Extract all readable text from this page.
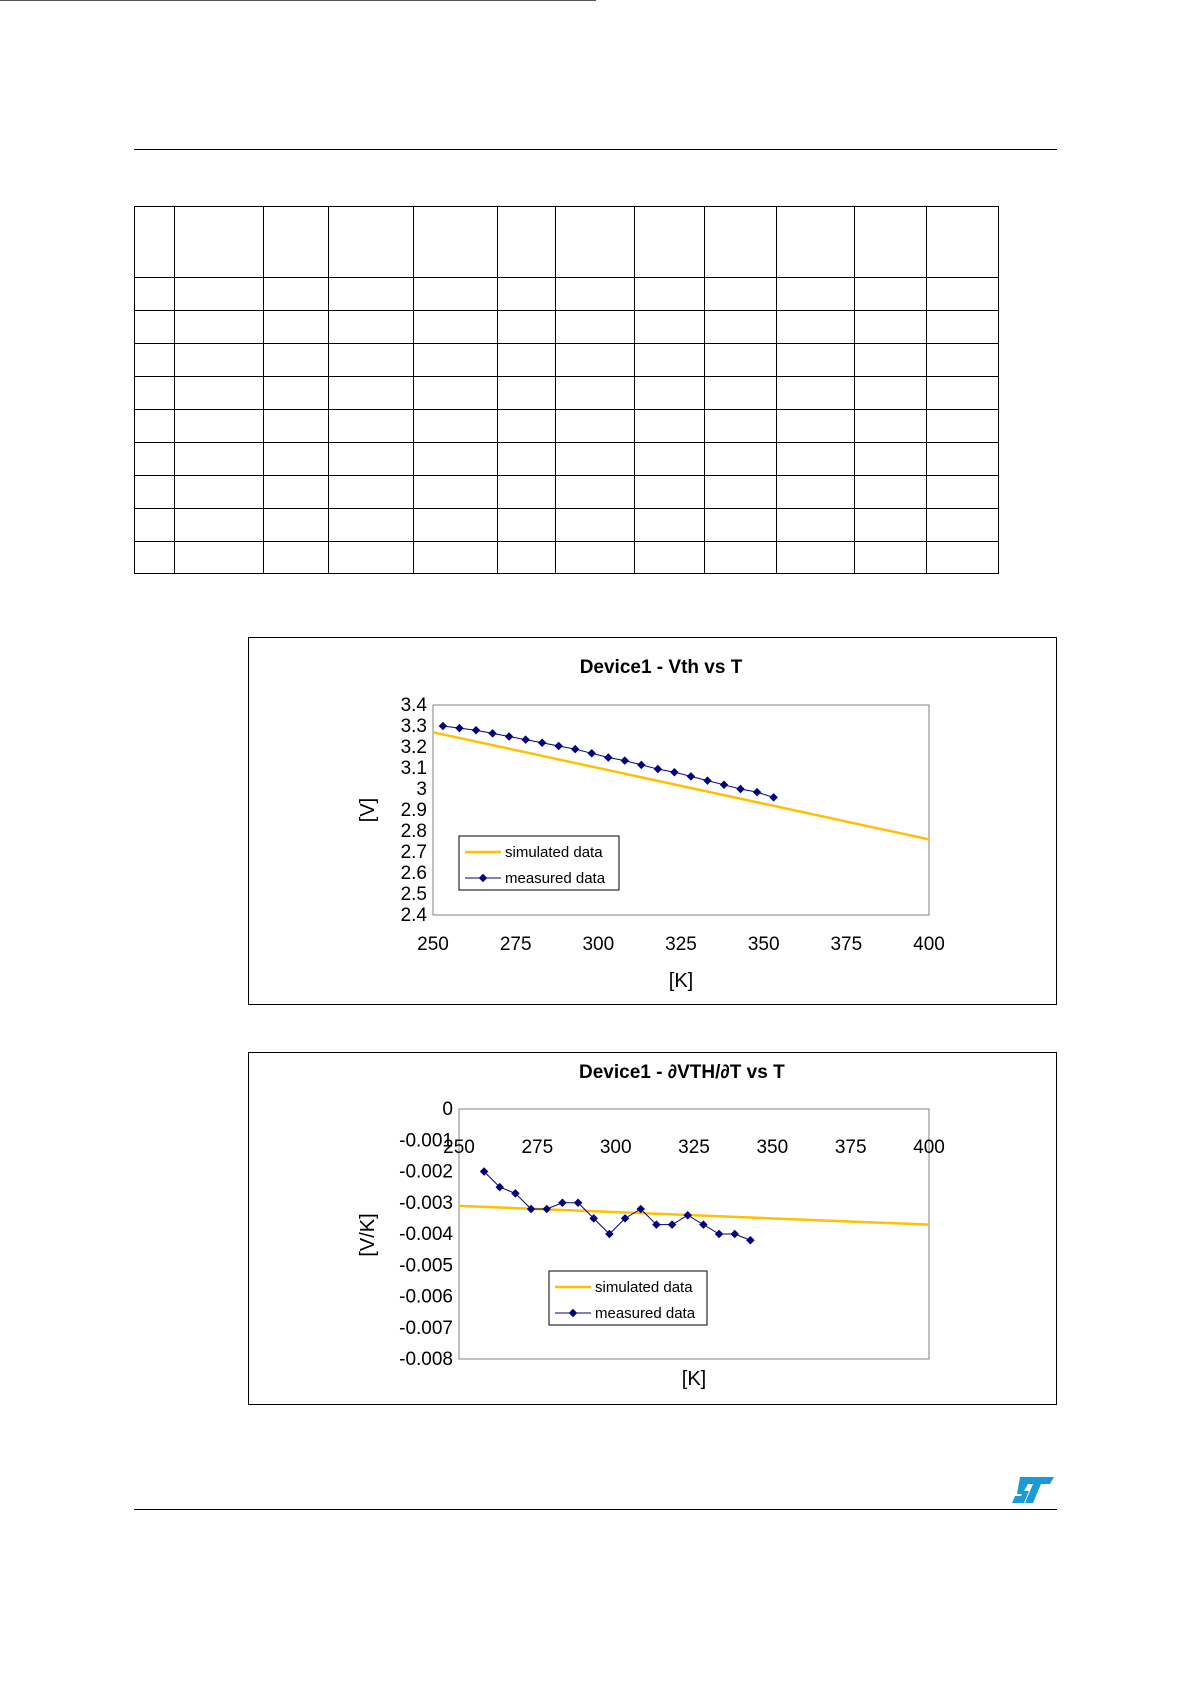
Device1 - Vth vs T
3.4
3.3
3.2
3.1
3
2.9
2.8
2.7
2.6
2.5
2.4
250	275	300	325	350	375	400
[V]
[K]
simulated data
measured data
Device1 - ∂VTH/∂T vs T
0
-0.001
-0.002
-0.003
-0.004
-0.005
-0.006
-0.007
-0.008
250 275 300 325 350 375 400
[V/K]
[K]
simulated data
measured data
